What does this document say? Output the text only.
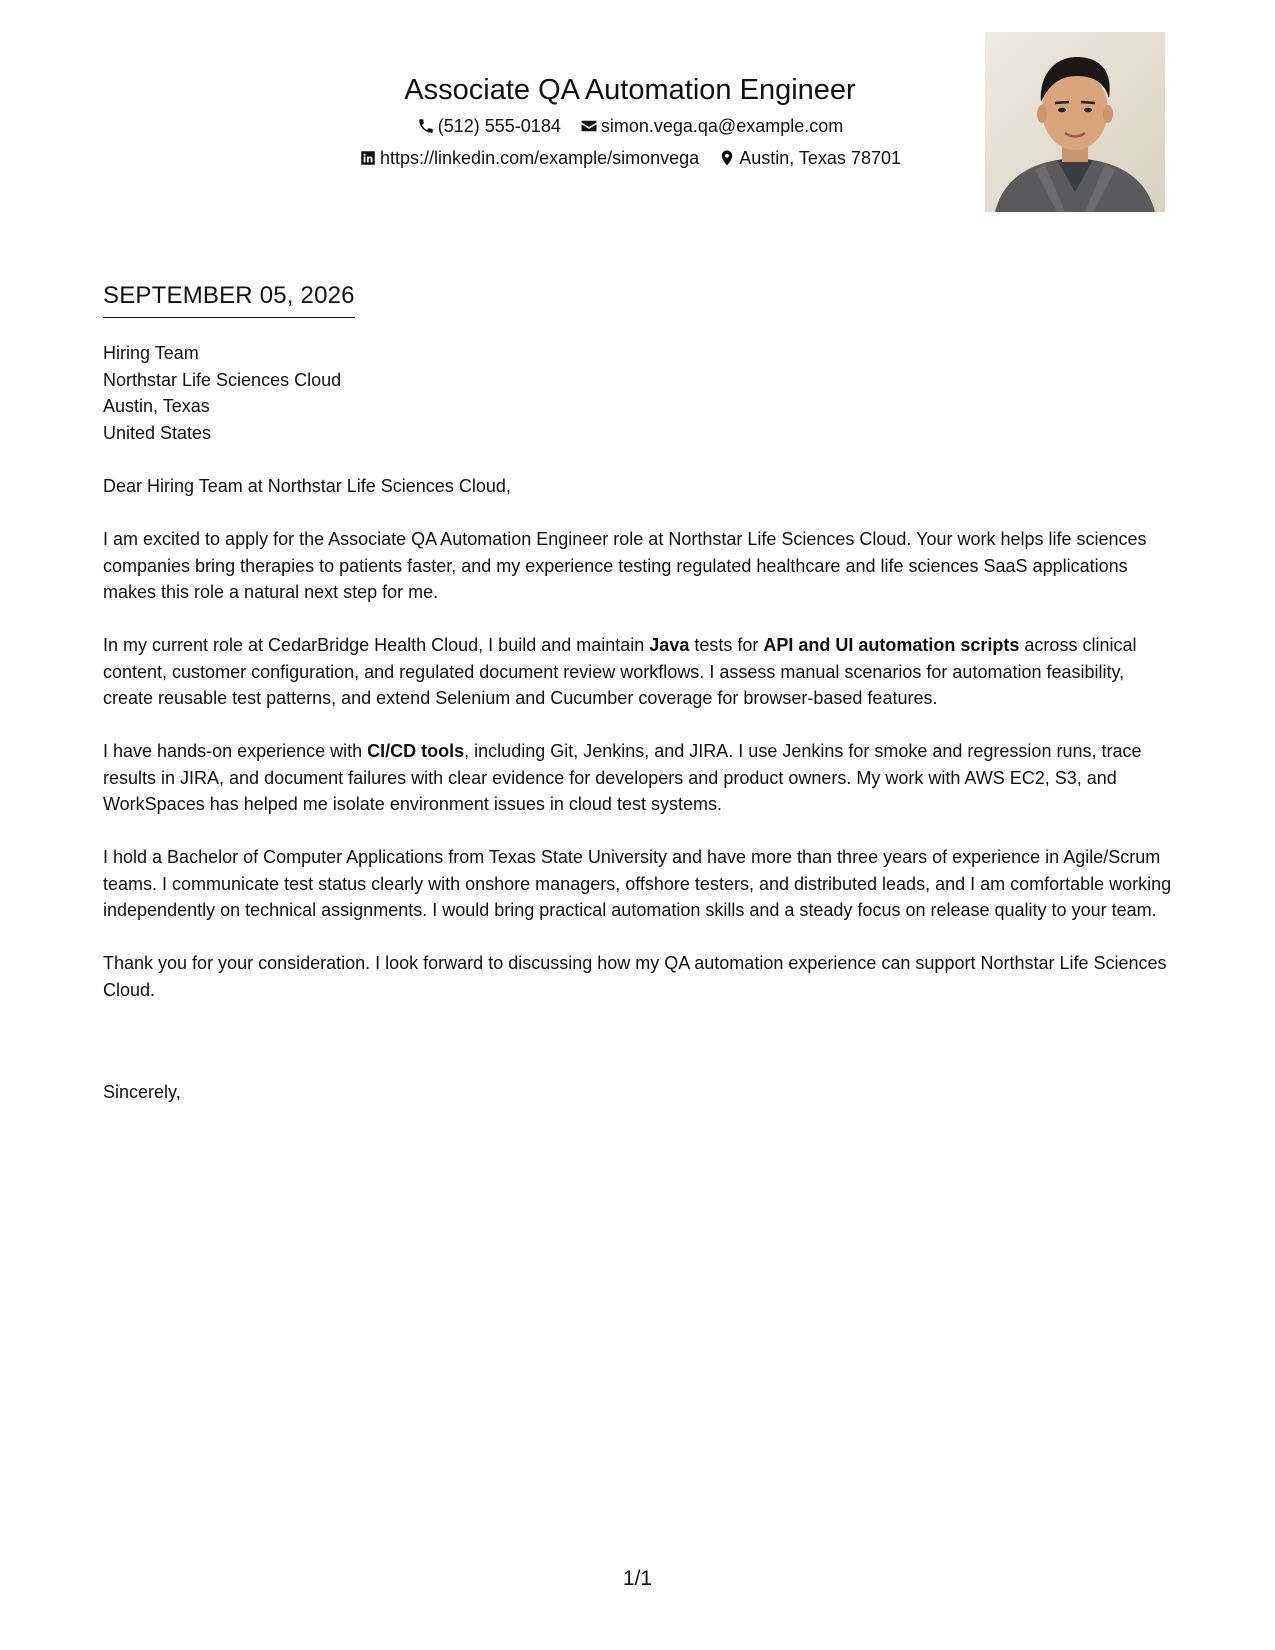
Associate QA Automation Engineer
(512) 555-0184 simon.vega.qa@example.com
https://linkedin.com/example/simonvega Austin, Texas 78701
SEPTEMBER 05, 2026
Hiring Team
Northstar Life Sciences Cloud
Austin, Texas
United States

Dear Hiring Team at Northstar Life Sciences Cloud,

I am excited to apply for the Associate QA Automation Engineer role at Northstar Life Sciences Cloud. Your work helps life sciences companies bring therapies to patients faster, and my experience testing regulated healthcare and life sciences SaaS applications makes this role a natural next step for me.

In my current role at CedarBridge Health Cloud, I build and maintain Java tests for API and UI automation scripts across clinical content, customer configuration, and regulated document review workflows. I assess manual scenarios for automation feasibility, create reusable test patterns, and extend Selenium and Cucumber coverage for browser-based features.

I have hands-on experience with CI/CD tools, including Git, Jenkins, and JIRA. I use Jenkins for smoke and regression runs, trace results in JIRA, and document failures with clear evidence for developers and product owners. My work with AWS EC2, S3, and WorkSpaces has helped me isolate environment issues in cloud test systems.

I hold a Bachelor of Computer Applications from Texas State University and have more than three years of experience in Agile/Scrum teams. I communicate test status clearly with onshore managers, offshore testers, and distributed leads, and I am comfortable working independently on technical assignments. I would bring practical automation skills and a steady focus on release quality to your team.

Thank you for your consideration. I look forward to discussing how my QA automation experience can support Northstar Life Sciences Cloud.

Sincerely,
1/1
